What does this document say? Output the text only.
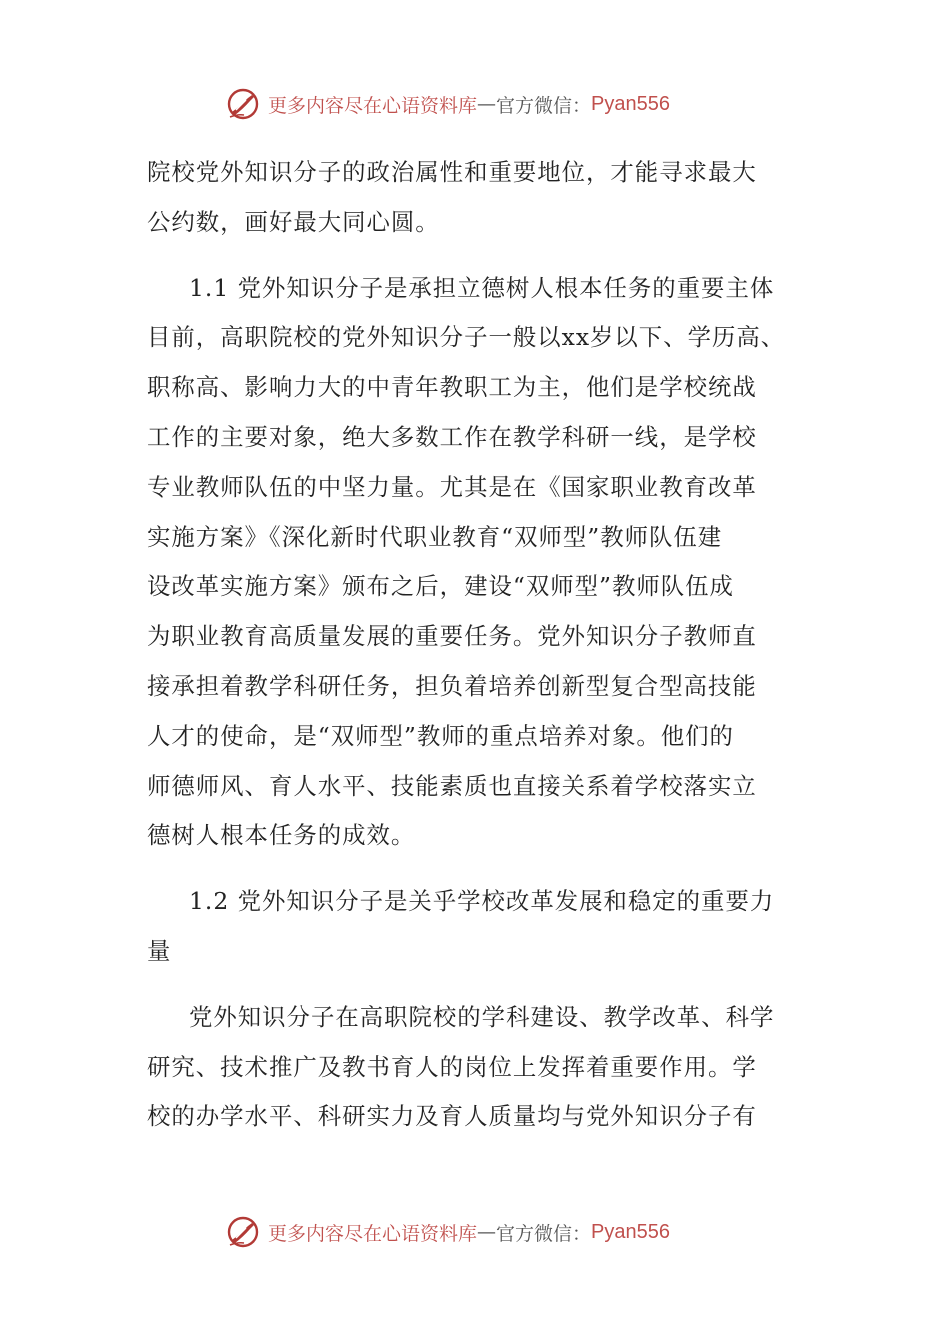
更多内容尽在心语资料库 — 官方微信： Pyan556
院校党外知识分子的政治属性和重要地位，才能寻求最大
公约数，画好最大同心圆。
1.1 党外知识分子是承担立德树人根本任务的重要主体
目前，高职院校的党外知识分子一般以xx岁以下、学历高、
职称高、影响力大的中青年教职工为主，他们是学校统战
工作的主要对象，绝大多数工作在教学科研一线，是学校
专业教师队伍的中坚力量。尤其是在《国家职业教育改革
实施方案》《深化新时代职业教育“双师型”教师队伍建
设改革实施方案》颁布之后，建设“双师型”教师队伍成
为职业教育高质量发展的重要任务。党外知识分子教师直
接承担着教学科研任务，担负着培养创新型复合型高技能
人才的使命，是“双师型”教师的重点培养对象。他们的
师德师风、育人水平、技能素质也直接关系着学校落实立
德树人根本任务的成效。
1.2 党外知识分子是关乎学校改革发展和稳定的重要力
量
党外知识分子在高职院校的学科建设、教学改革、科学
研究、技术推广及教书育人的岗位上发挥着重要作用。学
校的办学水平、科研实力及育人质量均与党外知识分子有
更多内容尽在心语资料库 — 官方微信： Pyan556
